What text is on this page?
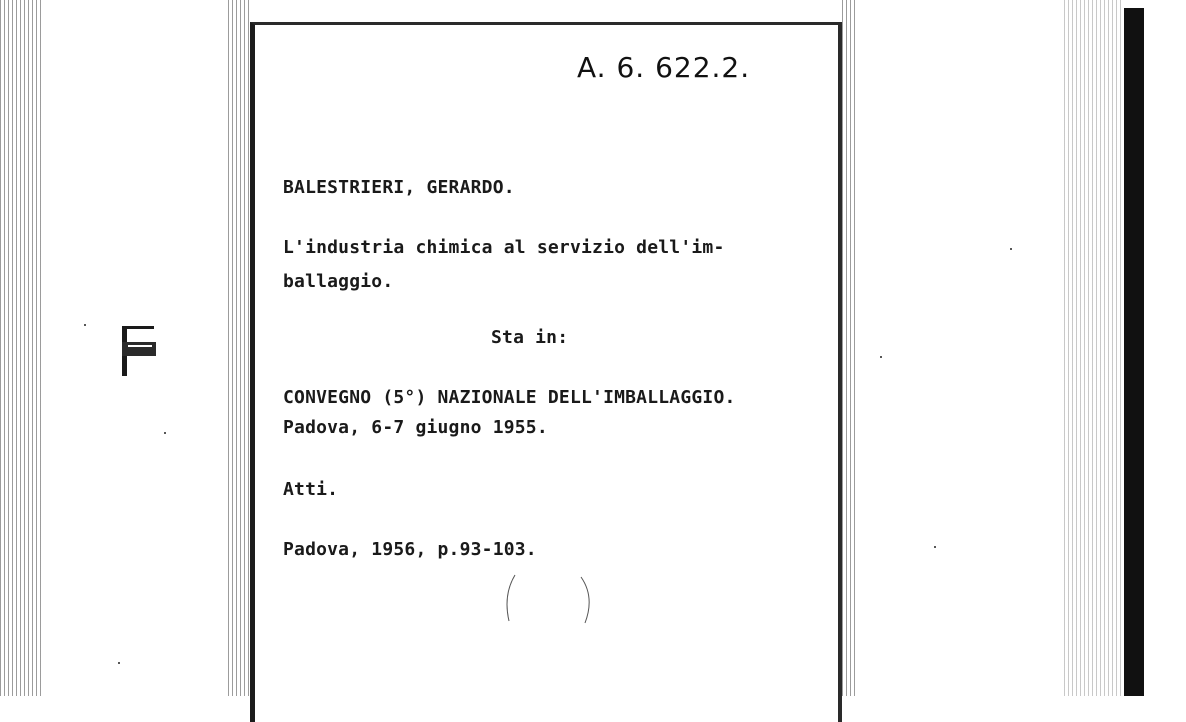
A. 6. 622.2.
BALESTRIERI, GERARDO.
L'industria chimica al servizio dell'im-
ballaggio.
Sta in:
CONVEGNO (5°) NAZIONALE DELL'IMBALLAGGIO.
Padova, 6-7 giugno 1955.
Atti.
Padova, 1956, p.93-103.
